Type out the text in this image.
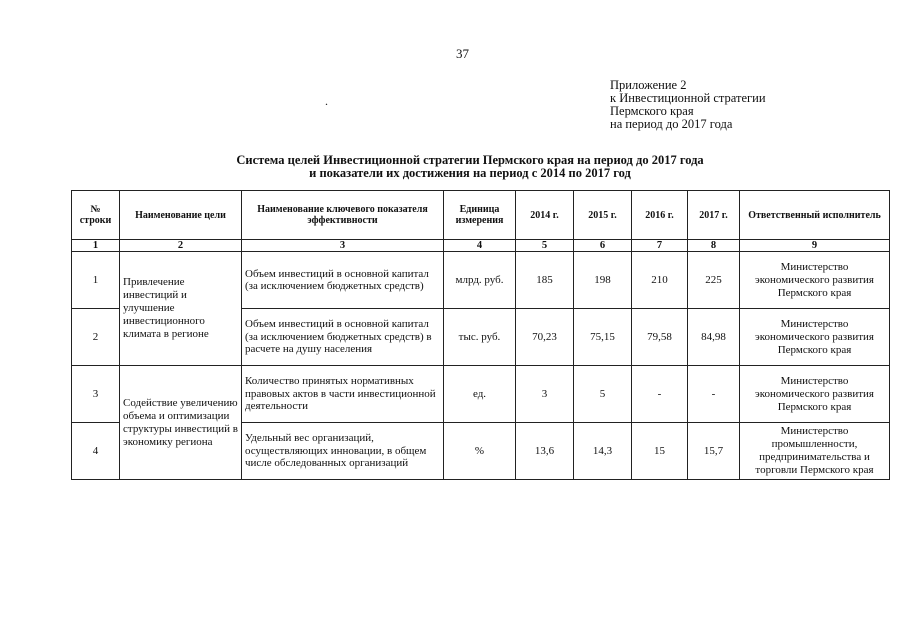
37
.
Приложение 2
к Инвестиционной стратегии
Пермского края
на период до 2017 года
Система целей Инвестиционной стратегии Пермского края на период до 2017 года
и показатели их достижения на период с 2014 по 2017 год
№ строки	Наименование цели	Наименование ключевого показателя эффективности	Единица измерения	2014 г.	2015 г.	2016 г.	2017 г.	Ответственный исполнитель
1	2	3	4	5	6	7	8	9
1	Привлечение инвестиций и улучшение инвестиционного климата в регионе	Объем инвестиций в основной капитал (за исключением бюджетных средств)	млрд. руб.	185	198	210	225	Министерство экономического развития Пермского края
2		Объем инвестиций в основной капитал (за исключением бюджетных средств) в расчете на душу населения	тыс. руб.	70,23	75,15	79,58	84,98	Министерство экономического развития Пермского края
3	Содействие увеличению объема и оптимизации структуры инвестиций в экономику региона	Количество принятых нормативных правовых актов в части инвестиционной деятельности	ед.	3	5	-	-	Министерство экономического развития Пермского края
4		Удельный вес организаций, осуществляющих инновации, в общем числе обследованных организаций	%	13,6	14,3	15	15,7	Министерство промышленности, предпринимательства и торговли Пермского края
